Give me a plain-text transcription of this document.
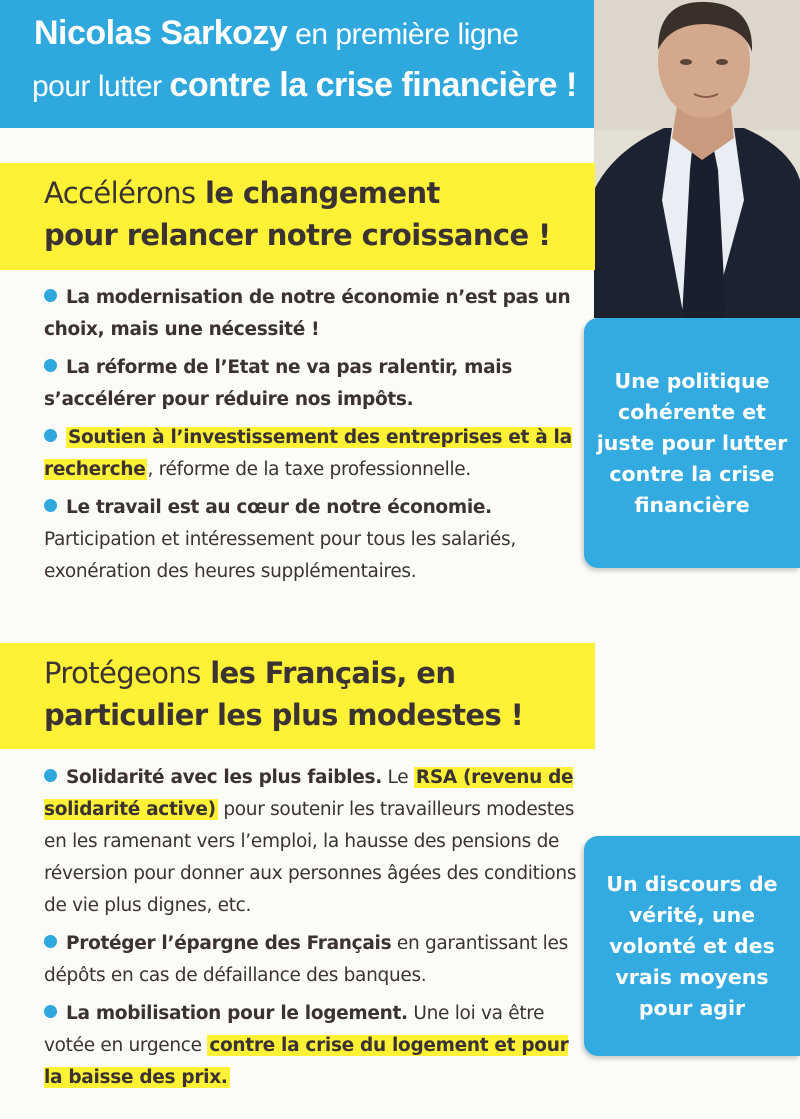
Nicolas Sarkozy en première ligne
pour lutter contre la crise financière !
Accélérons le changement
pour relancer notre croissance !
La modernisation de notre économie n’est pas un choix, mais une nécessité !
La réforme de l’Etat ne va pas ralentir, mais s’accélérer pour réduire nos impôts.
Soutien à l’investissement des entreprises et à la recherche , réforme de la taxe professionnelle.
Le travail est au cœur de notre économie.
Participation et intéressement pour tous les salariés, exonération des heures supplémentaires.
Une politique cohérente et juste pour lutter contre la crise financière
Protégeons les Français, en
particulier les plus modestes !
Solidarité avec les plus faibles. Le RSA (revenu de solidarité active) pour soutenir les travailleurs modestes en les ramenant vers l’emploi, la hausse des pensions de réversion pour donner aux personnes âgées des conditions de vie plus dignes, etc.
Protéger l’épargne des Français en garantissant les dépôts en cas de défaillance des banques.
La mobilisation pour le logement. Une loi va être votée en urgence contre la crise du logement et pour la baisse des prix.
Un discours de vérité, une volonté et des vrais moyens pour agir
